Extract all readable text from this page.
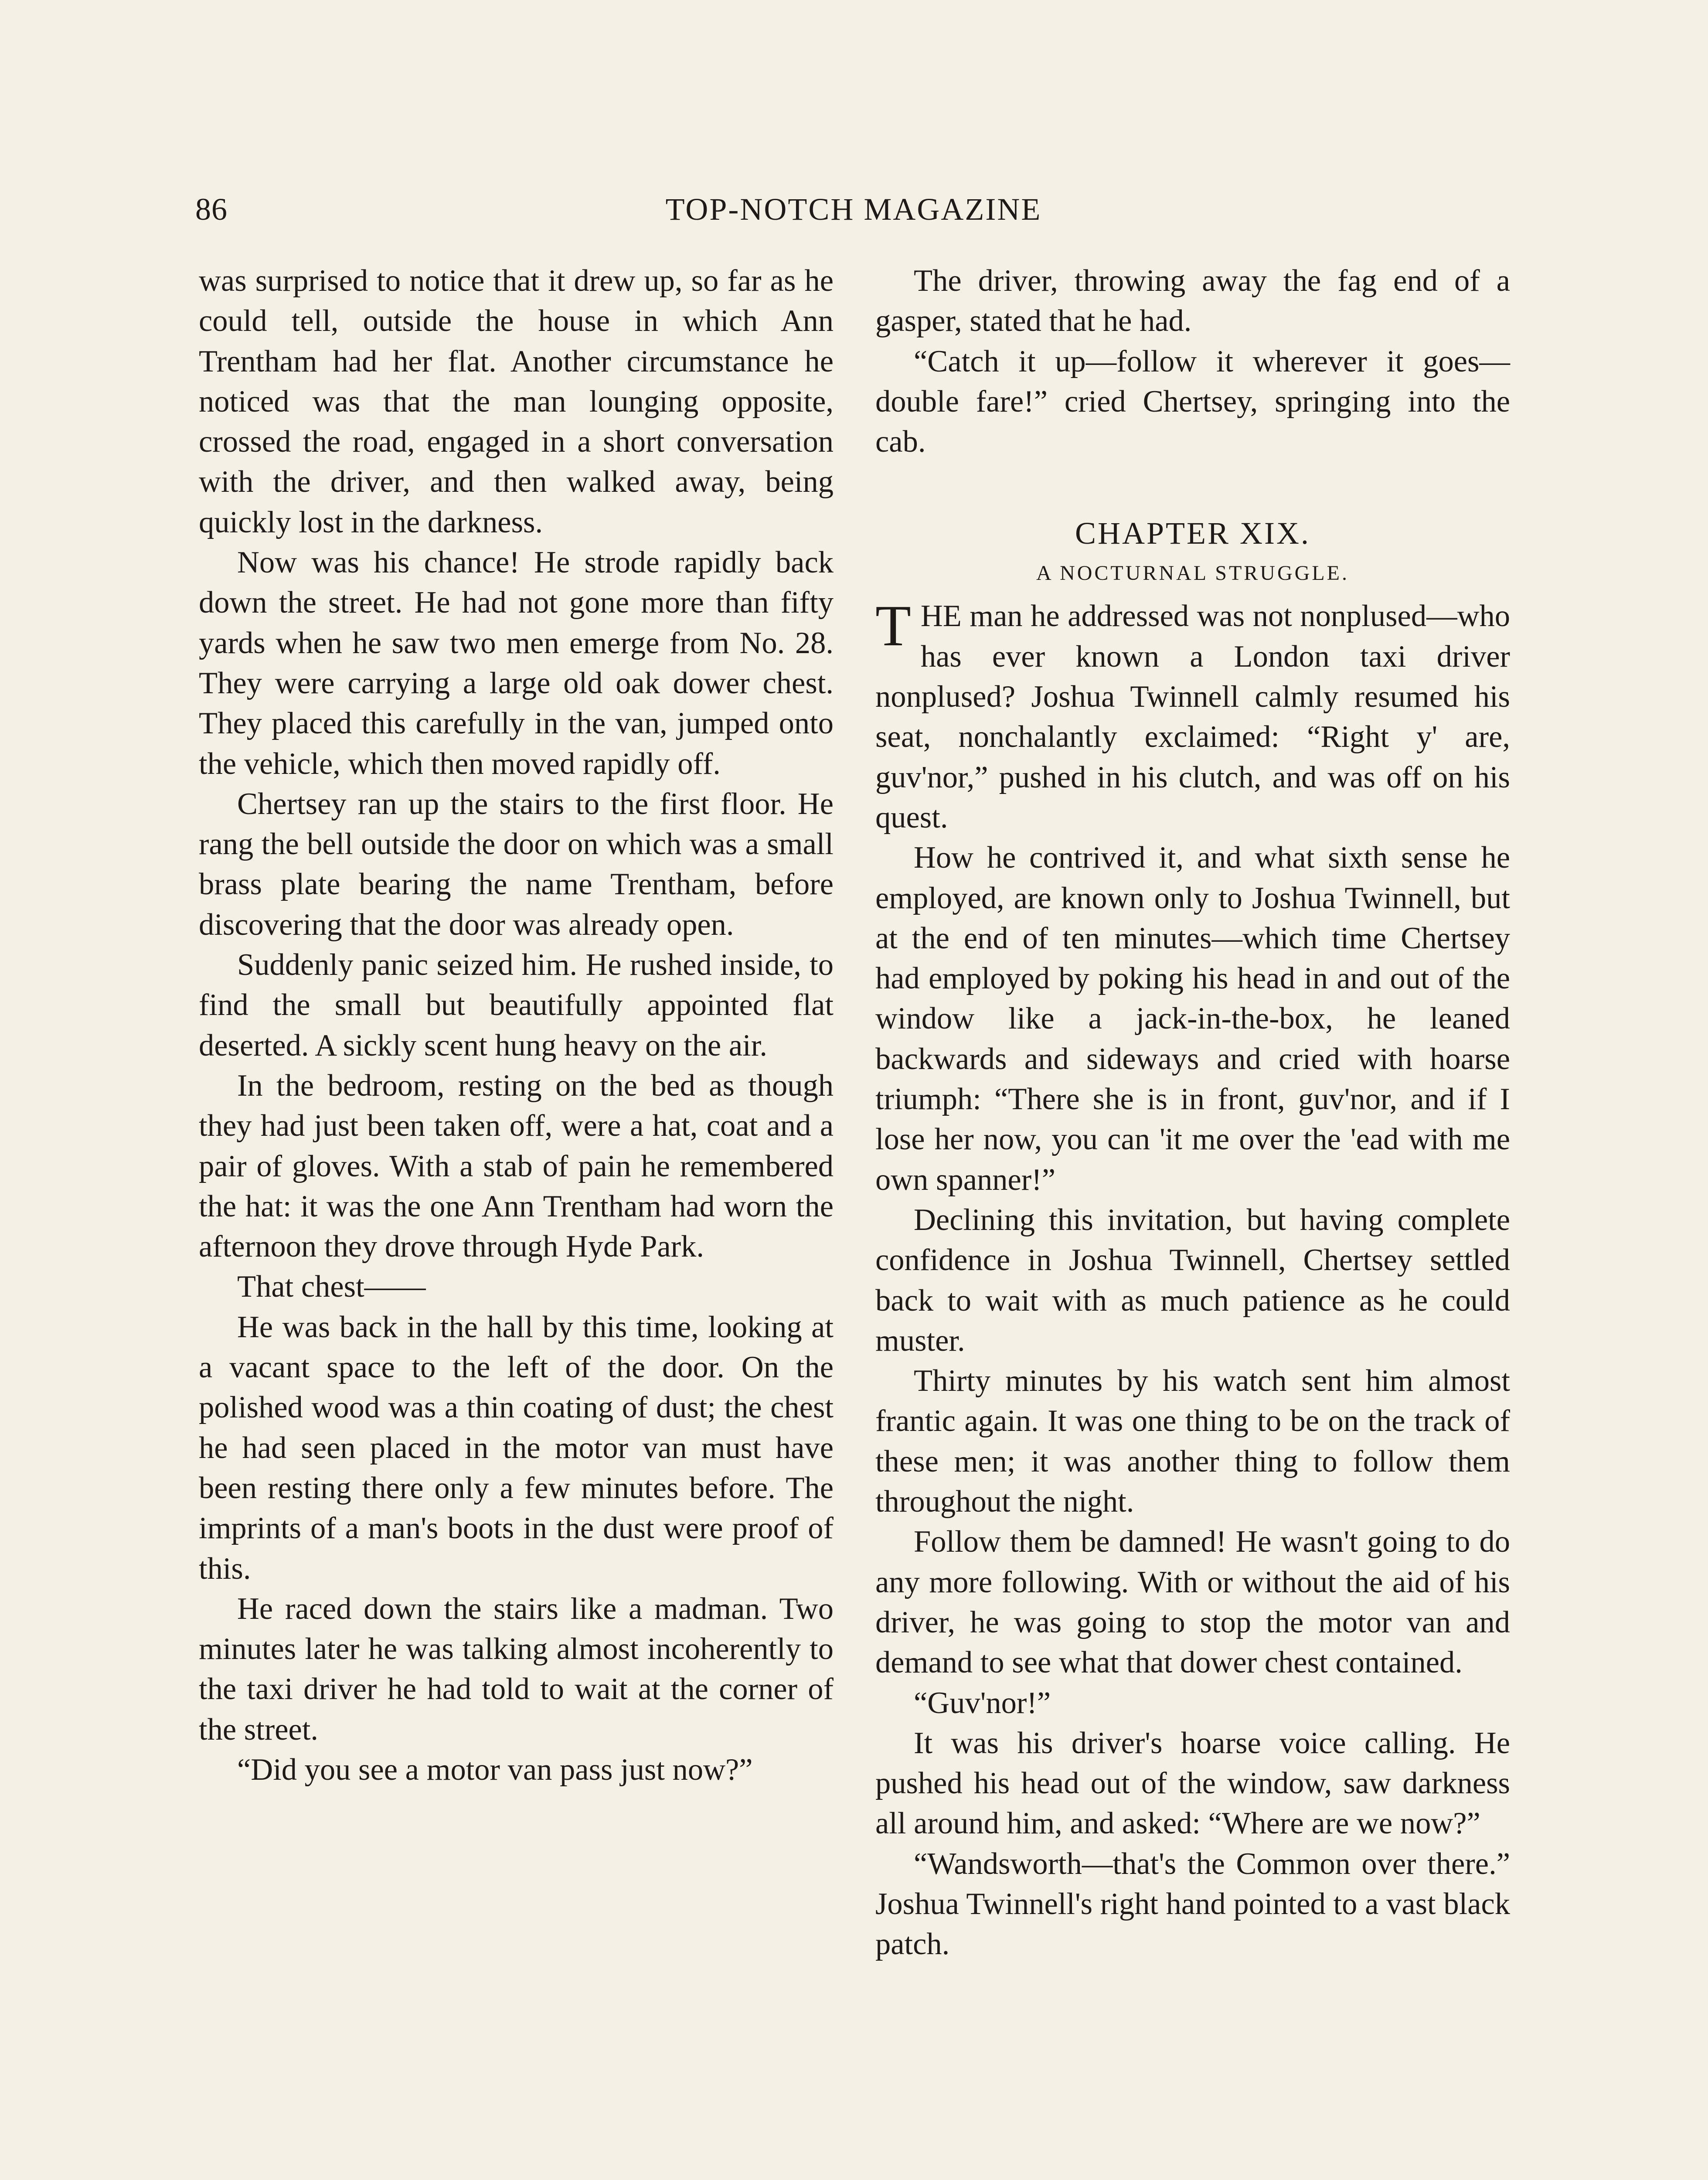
86	TOP-NOTCH MAGAZINE

was surprised to notice that it drew up, so far as he could tell, outside the house in which Ann Trentham had her flat. Another circumstance he noticed was that the man lounging opposite, crossed the road, engaged in a short conversation with the driver, and then walked away, being quickly lost in the darkness.

Now was his chance! He strode rapidly back down the street. He had not gone more than fifty yards when he saw two men emerge from No. 28. They were carrying a large old oak dower chest. They placed this carefully in the van, jumped onto the vehicle, which then moved rapidly off.

Chertsey ran up the stairs to the first floor. He rang the bell outside the door on which was a small brass plate bearing the name Trentham, before discovering that the door was already open.

Suddenly panic seized him. He rushed inside, to find the small but beautifully appointed flat deserted. A sickly scent hung heavy on the air.

In the bedroom, resting on the bed as though they had just been taken off, were a hat, coat and a pair of gloves. With a stab of pain he remembered the hat: it was the one Ann Trentham had worn the afternoon they drove through Hyde Park.

That chest——

He was back in the hall by this time, looking at a vacant space to the left of the door. On the polished wood was a thin coating of dust; the chest he had seen placed in the motor van must have been resting there only a few minutes before. The imprints of a man's boots in the dust were proof of this.

He raced down the stairs like a madman. Two minutes later he was talking almost incoherently to the taxi driver he had told to wait at the corner of the street.

“Did you see a motor van pass just now?”

The driver, throwing away the fag end of a gasper, stated that he had.

“Catch it up—follow it wherever it goes—double fare!” cried Chertsey, springing into the cab.

CHAPTER XIX.
A NOCTURNAL STRUGGLE.

THE man he addressed was not nonplused—who has ever known a London taxi driver nonplused? Joshua Twinnell calmly resumed his seat, nonchalantly exclaimed: “Right y' are, guv'nor,” pushed in his clutch, and was off on his quest.

How he contrived it, and what sixth sense he employed, are known only to Joshua Twinnell, but at the end of ten minutes—which time Chertsey had employed by poking his head in and out of the window like a jack-in-the-box, he leaned backwards and sideways and cried with hoarse triumph: “There she is in front, guv'nor, and if I lose her now, you can 'it me over the 'ead with me own spanner!”

Declining this invitation, but having complete confidence in Joshua Twinnell, Chertsey settled back to wait with as much patience as he could muster.

Thirty minutes by his watch sent him almost frantic again. It was one thing to be on the track of these men; it was another thing to follow them throughout the night.

Follow them be damned! He wasn't going to do any more following. With or without the aid of his driver, he was going to stop the motor van and demand to see what that dower chest contained.

“Guv'nor!”

It was his driver's hoarse voice calling. He pushed his head out of the window, saw darkness all around him, and asked: “Where are we now?”

“Wandsworth—that's the Common over there.” Joshua Twinnell's right hand pointed to a vast black patch.
